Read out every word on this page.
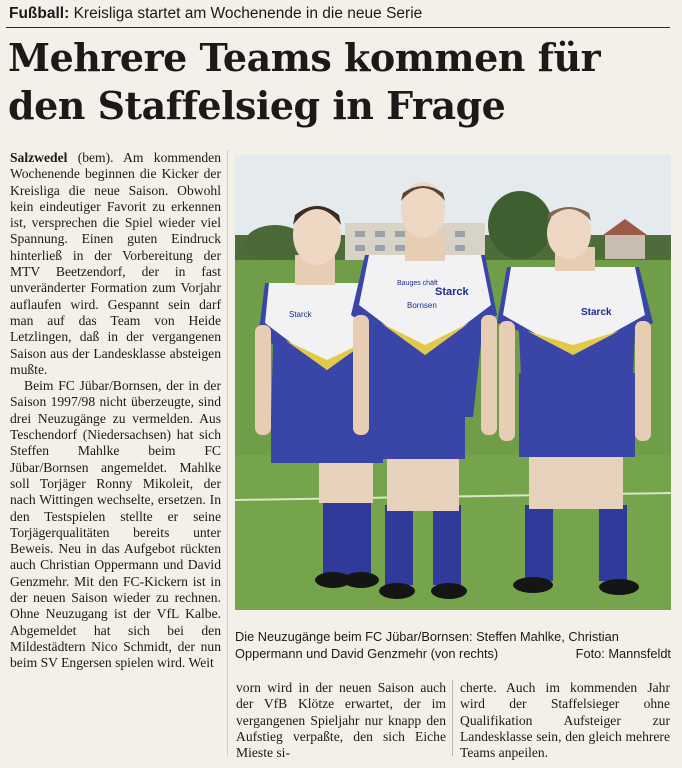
Fußball: Kreisliga startet am Wochenende in die neue Serie
Mehrere Teams kommen für
den Staffelsieg in Frage

Salzwedel (bem). Am kommenden Wochenende beginnen die Kicker der Kreisliga die neue Saison. Obwohl kein eindeutiger Favorit zu erkennen ist, versprechen die Spiel wieder viel Spannung. Einen guten Eindruck hinterließ in der Vorbereitung der MTV Beetzendorf, der in fast unveränderter Formation zum Vorjahr auflaufen wird. Gespannt sein darf man auf das Team von Heide Letzlingen, daß in der vergangenen Saison aus der Landesklasse absteigen mußte.

Beim FC Jübar/Bornsen, der in der Saison 1997/98 nicht überzeugte, sind drei Neuzugänge zu vermelden. Aus Teschendorf (Niedersachsen) hat sich Steffen Mahlke beim FC Jübar/Bornsen angemeldet. Mahlke soll Torjäger Ronny Mikoleit, der nach Wittingen wechselte, ersetzen. In den Testspielen stellte er seine Torjägerqualitäten bereits unter Beweis. Neu in das Aufgebot rückten auch Christian Oppermann und David Genzmehr. Mit den FC-Kickern ist in der neuen Saison wieder zu rechnen. Ohne Neuzugang ist der VfL Kalbe. Abgemeldet hat sich bei den Mildestädtern Nico Schmidt, der nun beim SV Engersen spielen wird. Weit

Starck
Bauges chäft
Starck
Bornsen
Starck
Die Neuzugänge beim FC Jübar/Bornsen: Steffen Mahlke, Christian Oppermann und David Genzmehr (von rechts)	Foto: Mannsfeldt

vorn wird in der neuen Saison auch der VfB Klötze erwartet, der im vergangenen Spieljahr nur knapp den Aufstieg verpaßte, den sich Eiche Mieste si-

cherte. Auch im kommenden Jahr wird der Staffelsieger ohne Qualifikation Aufsteiger zur Landesklasse sein, den gleich mehrere Teams anpeilen.
